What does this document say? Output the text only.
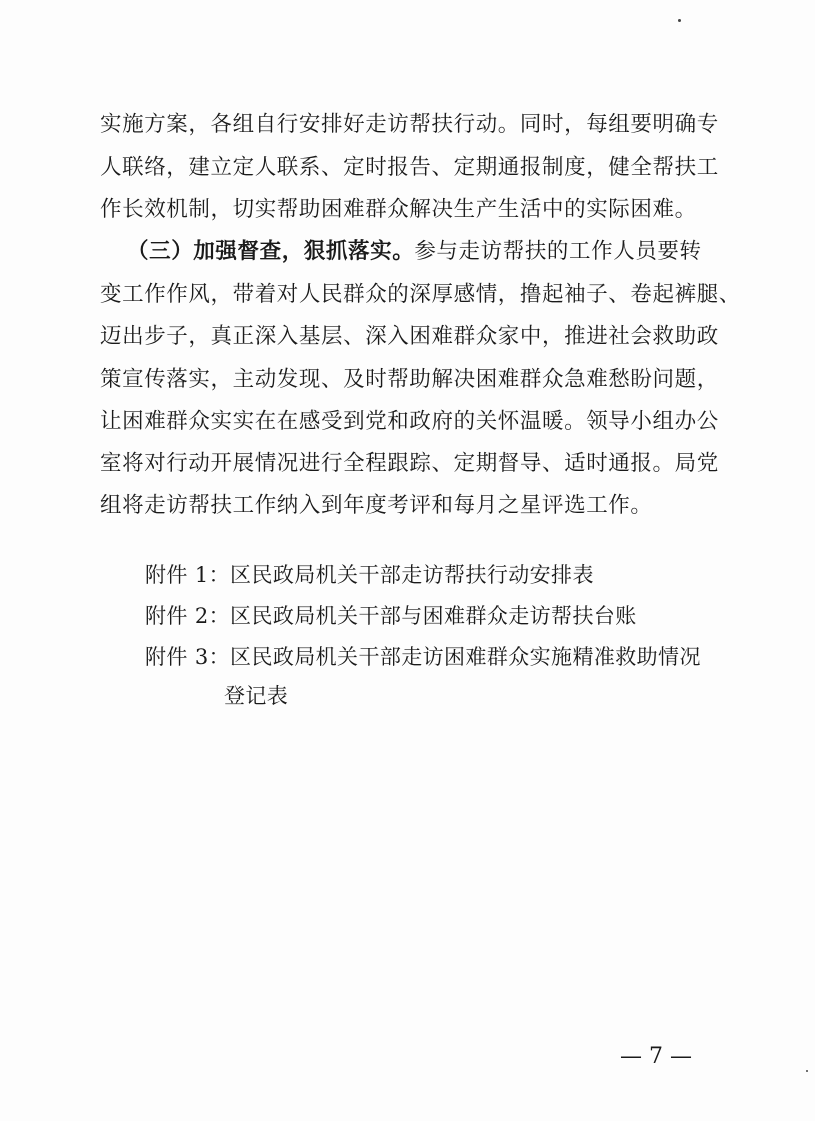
实施方案，各组自行安排好走访帮扶行动。同时，每组要明确专
人联络，建立定人联系、定时报告、定期通报制度，健全帮扶工
作长效机制，切实帮助困难群众解决生产生活中的实际困难。
（三）加强督查，狠抓落实。参与走访帮扶的工作人员要转
变工作作风，带着对人民群众的深厚感情，撸起袖子、卷起裤腿、
迈出步子，真正深入基层、深入困难群众家中，推进社会救助政
策宣传落实，主动发现、及时帮助解决困难群众急难愁盼问题，
让困难群众实实在在感受到党和政府的关怀温暖。领导小组办公
室将对行动开展情况进行全程跟踪、定期督导、适时通报。局党
组将走访帮扶工作纳入到年度考评和每月之星评选工作。
附件 1：区民政局机关干部走访帮扶行动安排表
附件 2：区民政局机关干部与困难群众走访帮扶台账
附件 3：区民政局机关干部走访困难群众实施精准救助情况
登记表
— 7 —
